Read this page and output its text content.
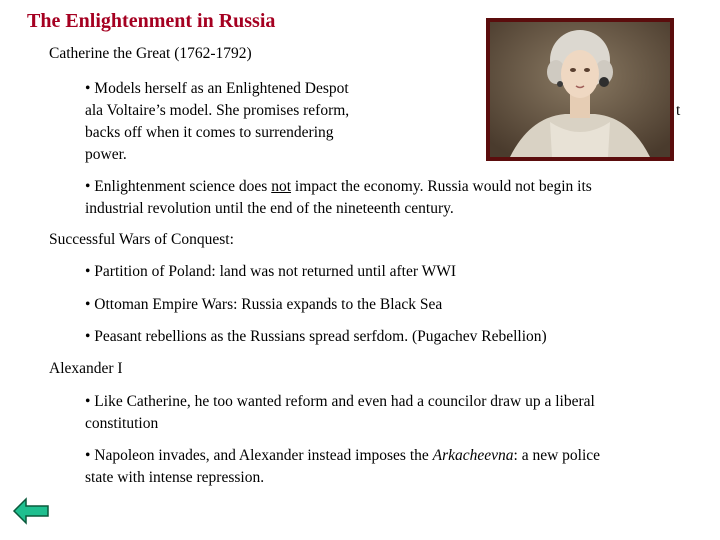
The Enlightenment in Russia
Catherine the Great (1762-1792)
• Models herself as an Enlightened Despot
ala Voltaire’s model. She promises reform,
backs off when it comes to surrendering
power.
t
• Enlightenment science does not impact the economy. Russia would not begin its
industrial revolution until the end of the nineteenth century.
Successful Wars of Conquest:
• Partition of Poland: land was not returned until after WWI
• Ottoman Empire Wars: Russia expands to the Black Sea
• Peasant rebellions as the Russians spread serfdom. (Pugachev Rebellion)
Alexander I
• Like Catherine, he too wanted reform and even had a councilor draw up a liberal
constitution
• Napoleon invades, and Alexander instead imposes the Arkacheevna: a new police
state with intense repression.
